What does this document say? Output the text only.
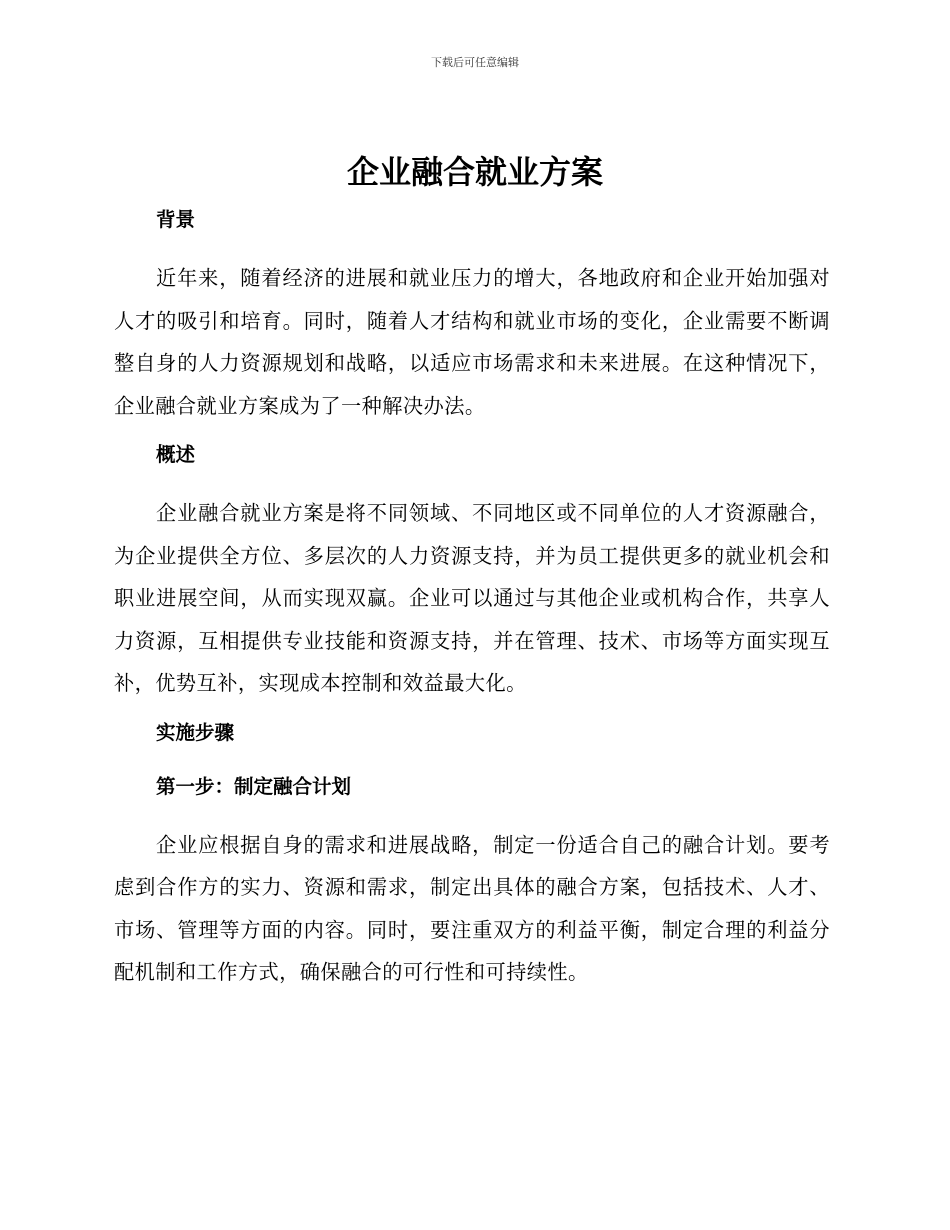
下载后可任意编辑
企业融合就业方案
背景

近年来，随着经济的进展和就业压力的增大，各地政府和企业开始加强对人才的吸引和培育。同时，随着人才结构和就业市场的变化，企业需要不断调整自身的人力资源规划和战略，以适应市场需求和未来进展。在这种情况下，企业融合就业方案成为了一种解决办法。

概述

企业融合就业方案是将不同领域、不同地区或不同单位的人才资源融合，为企业提供全方位、多层次的人力资源支持，并为员工提供更多的就业机会和职业进展空间，从而实现双赢。企业可以通过与其他企业或机构合作，共享人力资源，互相提供专业技能和资源支持，并在管理、技术、市场等方面实现互补，优势互补，实现成本控制和效益最大化。

实施步骤
第一步：制定融合计划

企业应根据自身的需求和进展战略，制定一份适合自己的融合计划。要考虑到合作方的实力、资源和需求，制定出具体的融合方案，包括技术、人才、市场、管理等方面的内容。同时，要注重双方的利益平衡，制定合理的利益分配机制和工作方式，确保融合的可行性和可持续性。
